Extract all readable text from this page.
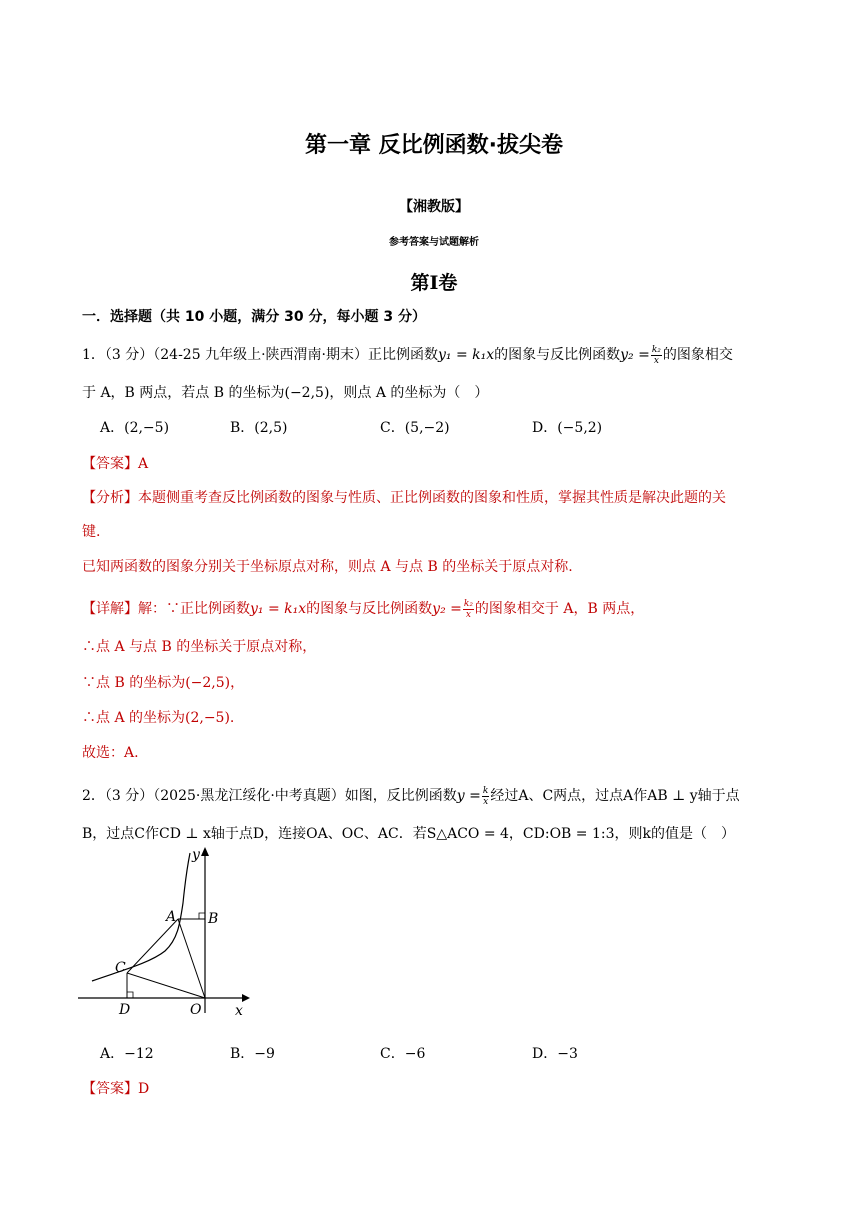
第一章 反比例函数·拔尖卷
【湘教版】
参考答案与试题解析
第Ⅰ卷
一．选择题（共 10 小题，满分 30 分，每小题 3 分）
1．（3 分）（24-25 九年级上·陕西渭南·期末）正比例函数y₁ = k₁x的图象与反比例函数$y_2 = \frac{\text{k₂}}{x}$ 的图象相交
于 A，B 两点，若点 B 的坐标为(−2,5)，则点 A 的坐标为（　）
A．(2,−5)	B．(2,5)	C．(5,−2)	D．(−5,2)
【答案】A
【分析】本题侧重考查反比例函数的图象与性质、正比例函数的图象和性质，掌握其性质是解决此题的关
键.
已知两函数的图象分别关于坐标原点对称，则点 A 与点 B 的坐标关于原点对称.
【详解】解：∵正比例函数y₁ = k₁x的图象与反比例函数$y_2 = \frac{\text{k₂}}{x}$ 的图象相交于 A，B 两点，
∴点 A 与点 B 的坐标关于原点对称，
∵点 B 的坐标为(−2,5)，
∴点 A 的坐标为(2,−5).
故选：A.
2．（3 分）（2025·黑龙江绥化·中考真题）如图，反比例函数$y = \frac{k}{x}$ 经过A、C两点，过点A作AB ⊥ y轴于点
B，过点C作CD ⊥ x轴于点D，连接OA、OC、AC．若S△ACO = 4，CD:OB = 1:3，则k的值是（　）
y
x
A B
C
D	O
A．−12	B．−9	C．−6	D．−3
【答案】D
